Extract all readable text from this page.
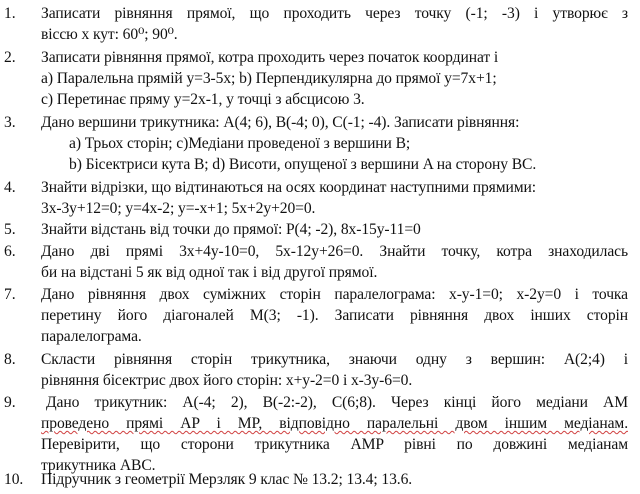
1. Записати рівняння прямої, що проходить через точку (-1; -3) і утворює з
віссю x кут: 60⁰; 90⁰.
2. Записати рівняння прямої, котра проходить через початок координат і
a) Паралельна прямій y=3-5x; b) Перпендикулярна до прямої y=7x+1;
c) Перетинає пряму y=2x-1, у точці з абсцисою 3.
3. Дано вершини трикутника: A(4; 6), B(-4; 0), C(-1; -4). Записати рівняння:
a) Трьох сторін; c)Медіани проведеної з вершини B;
b) Бісектриси кута B; d) Висоти, опущеної з вершини A на сторону BC.
4. Знайти відрізки, що відтинаються на осях координат наступними прямими:
3x-3y+12=0; y=4x-2; y=-x+1; 5x+2y+20=0.
5. Знайти відстань від точки до прямої: P(4; -2), 8x-15y-11=0
6. Дано дві прямі 3x+4y-10=0, 5x-12y+26=0. Знайти точку, котра знаходилась
би на відстані 5 як від одної так і від другої прямої.
7. Дано рівняння двох суміжних сторін паралелограма: x-y-1=0; x-2y=0 і точка
перетину його діагоналей M(3; -1). Записати рівняння двох інших сторін
паралелограма.
8. Скласти рівняння сторін трикутника, знаючи одну з вершин: A(2;4) і
рівняння бісектрис двох його сторін: x+y-2=0 і x-3y-6=0.
9. Дано трикутник: A(-4; 2), B(-2:-2), C(6;8). Через кінці його медіани AM
проведено прямі AP і MP, відповідно паралельні двом іншим медіанам.
Перевірити, що сторони трикутника AMP рівні по довжині медіанам
трикутника ABC.
10. Підручник з геометрії Мерзляк 9 клас № 13.2; 13.4; 13.6.
